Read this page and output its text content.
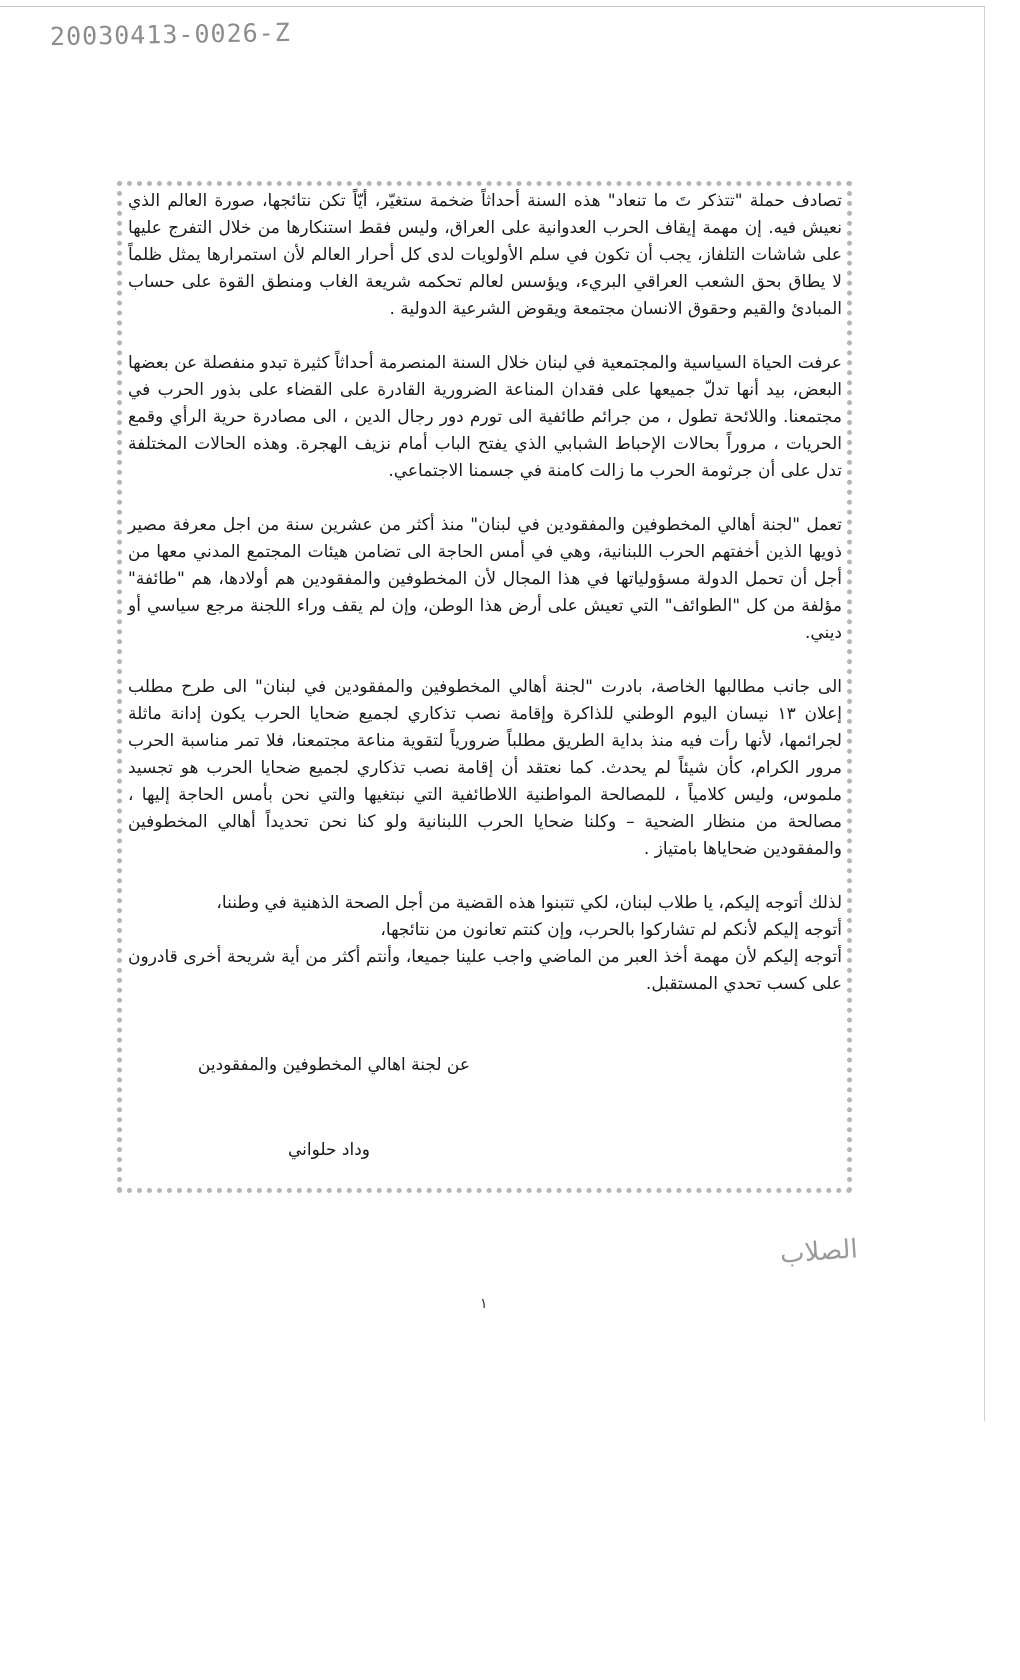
20030413-0026-Z

تصادف حملة "تتذكر تَ ما تنعاد" هذه السنة أحداثاً ضخمة ستغيّر، أيّاً تكن نتائجها، صورة العالم الذي نعيش فيه. إن مهمة إيقاف الحرب العدوانية على العراق، وليس فقط استنكارها من خلال التفرج عليها على شاشات التلفاز، يجب أن تكون في سلم الأولويات لدى كل أحرار العالم لأن استمرارها يمثل ظلماً لا يطاق بحق الشعب العراقي البريء، ويؤسس لعالم تحكمه شريعة الغاب ومنطق القوة على حساب المبادئ والقيم وحقوق الانسان مجتمعة ويقوض الشرعية الدولية .

عرفت الحياة السياسية والمجتمعية في لبنان خلال السنة المنصرمة أحداثاً كثيرة تبدو منفصلة عن بعضها البعض، بيد أنها تدلّ جميعها على فقدان المناعة الضرورية القادرة على القضاء على بذور الحرب في مجتمعنا. واللائحة تطول ، من جرائم طائفية الى تورم دور رجال الدين ، الى مصادرة حرية الرأي وقمع الحريات ، مروراً بحالات الإحباط الشبابي الذي يفتح الباب أمام نزيف الهجرة. وهذه الحالات المختلفة تدل على أن جرثومة الحرب ما زالت كامنة في جسمنا الاجتماعي.

تعمل "لجنة أهالي المخطوفين والمفقودين في لبنان" منذ أكثر من عشرين سنة من اجل معرفة مصير ذويها الذين أخفتهم الحرب اللبنانية، وهي في أمس الحاجة الى تضامن هيئات المجتمع المدني معها من أجل أن تحمل الدولة مسؤولياتها في هذا المجال لأن المخطوفين والمفقودين هم أولادها، هم "طائفة" مؤلفة من كل "الطوائف" التي تعيش على أرض هذا الوطن، وإن لم يقف وراء اللجنة مرجع سياسي أو ديني.

الى جانب مطالبها الخاصة، بادرت "لجنة أهالي المخطوفين والمفقودين في لبنان" الى طرح مطلب إعلان ١٣ نيسان اليوم الوطني للذاكرة وإقامة نصب تذكاري لجميع ضحايا الحرب يكون إدانة ماثلة لجرائمها، لأنها رأت فيه منذ بداية الطريق مطلباً ضرورياً لتقوية مناعة مجتمعنا، فلا تمر مناسبة الحرب مرور الكرام، كأن شيئاً لم يحدث. كما نعتقد أن إقامة نصب تذكاري لجميع ضحايا الحرب هو تجسيد ملموس، وليس كلامياً ، للمصالحة المواطنية اللاطائفية التي نبتغيها والتي نحن بأمس الحاجة إليها ، مصالحة من منظار الضحية – وكلنا ضحايا الحرب اللبنانية ولو كنا نحن تحديداً أهالي المخطوفين والمفقودين ضحاياها بامتياز .

لذلك أتوجه إليكم، يا طلاب لبنان، لكي تتبنوا هذه القضية من أجل الصحة الذهنية في وطننا،

أتوجه إليكم لأنكم لم تشاركوا بالحرب، وإن كنتم تعانون من نتائجها،

أتوجه إليكم لأن مهمة أخذ العبر من الماضي واجب علينا جميعا، وأنتم أكثر من أية شريحة أخرى قادرون على كسب تحدي المستقبل.

عن لجنة اهالي المخطوفين والمفقودين
وداد حلواني
الصلاب
١
